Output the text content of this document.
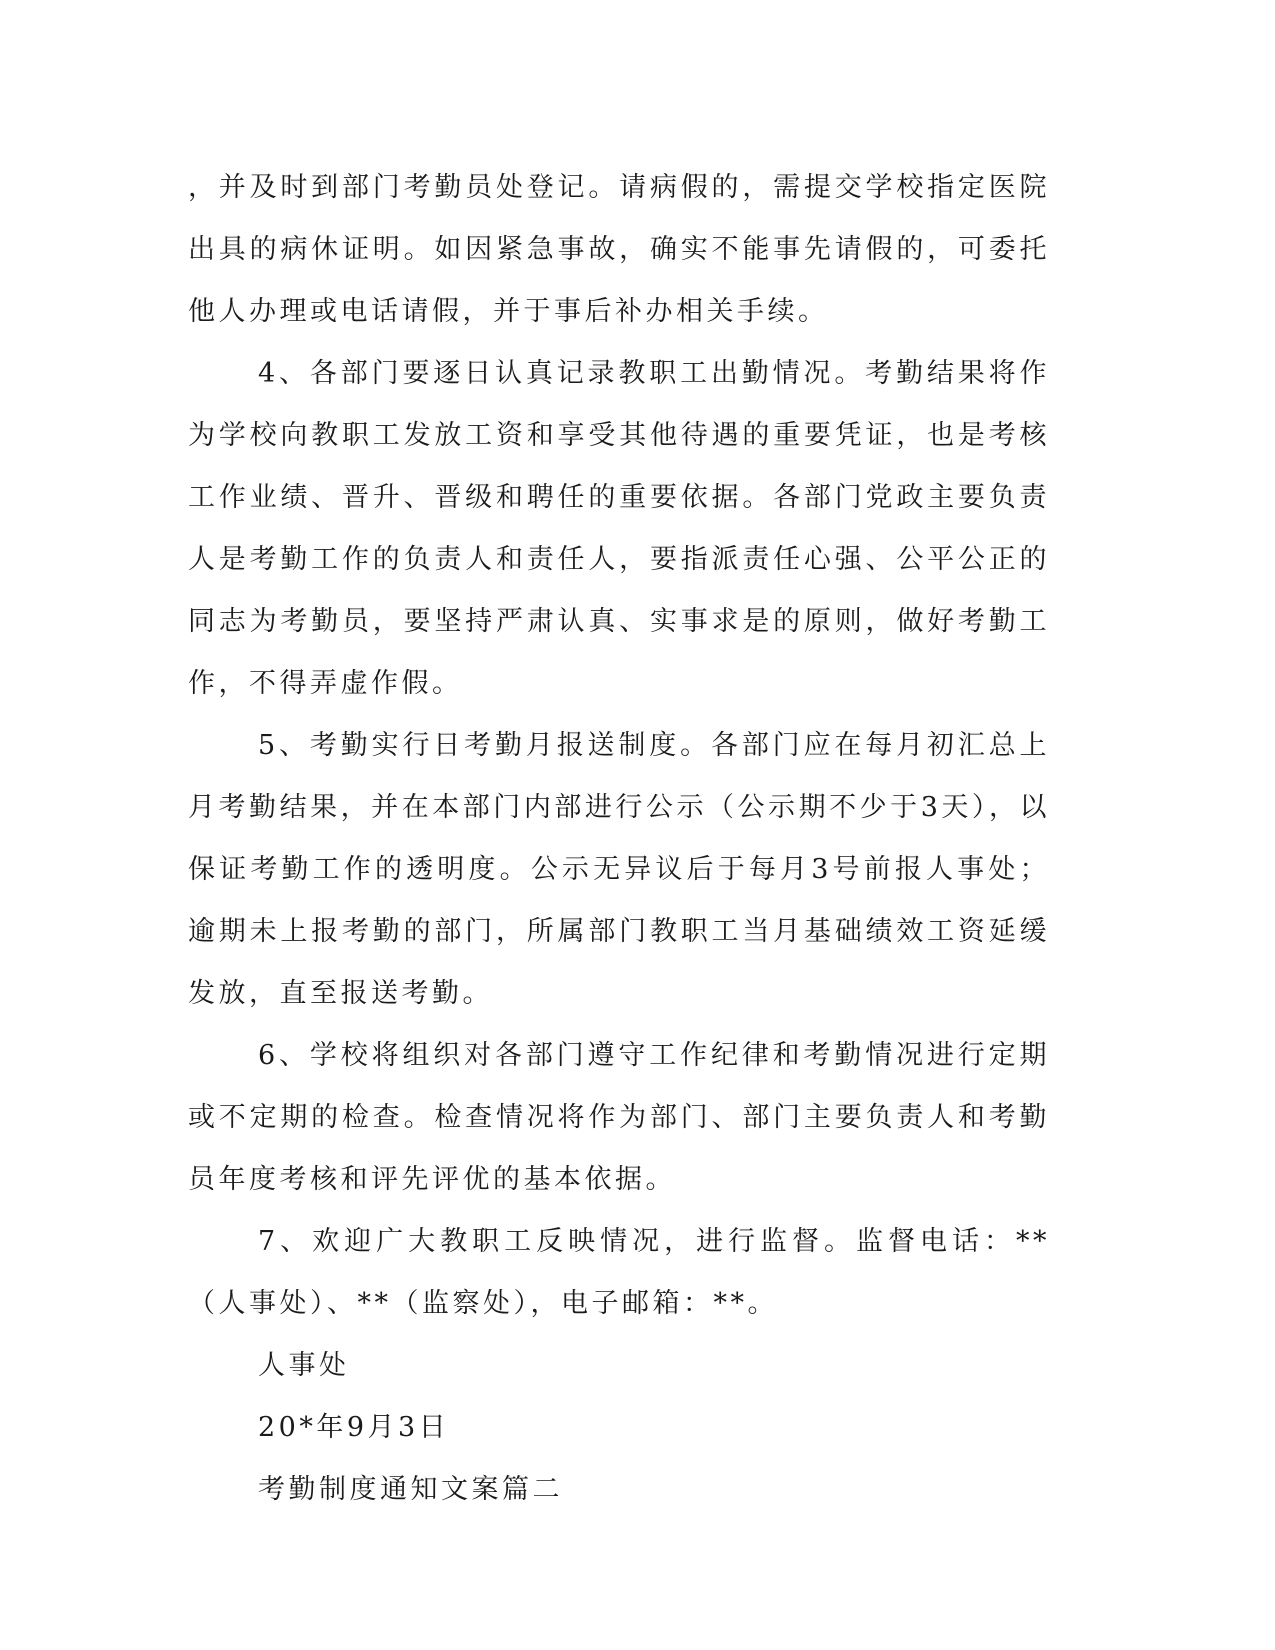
，并及时到部门考勤员处登记。请病假的，需提交学校指定医院出具的病休证明。如因紧急事故，确实不能事先请假的，可委托他人办理或电话请假，并于事后补办相关手续。

4、各部门要逐日认真记录教职工出勤情况。考勤结果将作为学校向教职工发放工资和享受其他待遇的重要凭证，也是考核工作业绩、晋升、晋级和聘任的重要依据。各部门党政主要负责人是考勤工作的负责人和责任人，要指派责任心强、公平公正的同志为考勤员，要坚持严肃认真、实事求是的原则，做好考勤工作，不得弄虚作假。

5、考勤实行日考勤月报送制度。各部门应在每月初汇总上月考勤结果，并在本部门内部进行公示（公示期不少于3天），以保证考勤工作的透明度。公示无异议后于每月3号前报人事处；逾期未上报考勤的部门，所属部门教职工当月基础绩效工资延缓发放，直至报送考勤。

6、学校将组织对各部门遵守工作纪律和考勤情况进行定期或不定期的检查。检查情况将作为部门、部门主要负责人和考勤员年度考核和评先评优的基本依据。

7、欢迎广大教职工反映情况，进行监督。监督电话：**（人事处）、**（监察处），电子邮箱：**。

人事处

20*年9月3日

考勤制度通知文案篇二
